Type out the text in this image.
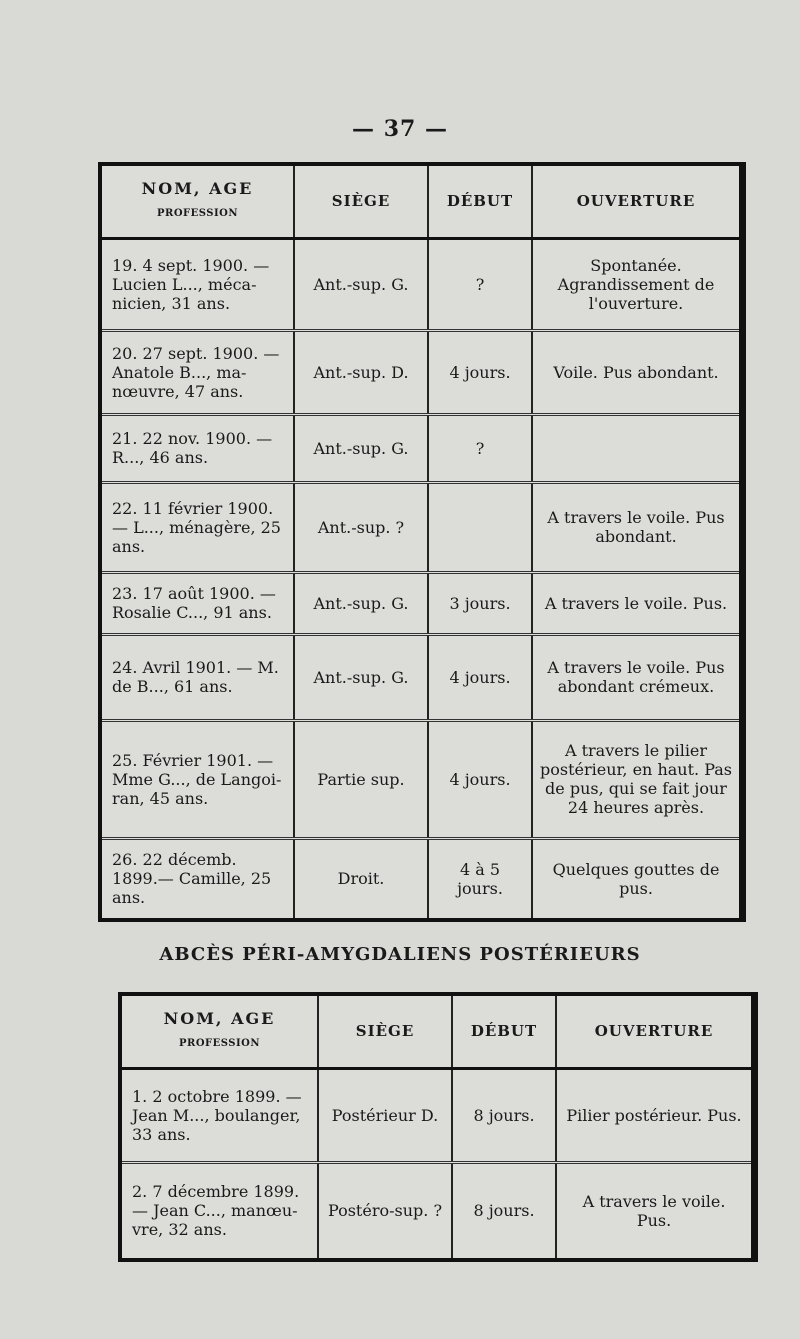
— 37 —
NOM, AGE
PROFESSION	SIÈGE	DÉBUT	OUVERTURE
19. 4 sept. 1900. — Lucien L..., mécanicien, 31 ans.	Ant.-sup. G.	?	Spontanée. Agrandissement de l'ouverture.
20. 27 sept. 1900. — Anatole B..., manœuvre, 47 ans.	Ant.-sup. D.	4 jours.	Voile. Pus abondant.
21. 22 nov. 1900. — R..., 46 ans.	Ant.-sup. G.	?	
22. 11 février 1900. — L..., ménagère, 25 ans.	Ant.-sup. ?		A travers le voile. Pus abondant.
23. 17 août 1900. — Rosalie C..., 91 ans.	Ant.-sup. G.	3 jours.	A travers le voile. Pus.
24. Avril 1901. — M. de B..., 61 ans.	Ant.-sup. G.	4 jours.	A travers le voile. Pus abondant crémeux.
25. Février 1901. — Mme G..., de Langoiran, 45 ans.	Partie sup.	4 jours.	A travers le pilier postérieur, en haut. Pas de pus, qui se fait jour 24 heures après.
26. 22 décemb. 1899.— Camille, 25 ans.	Droit.	4 à 5 jours.	Quelques gouttes de pus.
ABCÈS PÉRI-AMYGDALIENS POSTÉRIEURS
NOM, AGE
PROFESSION	SIÈGE	DÉBUT	OUVERTURE
1. 2 octobre 1899. — Jean M..., boulanger, 33 ans.	Postérieur D.	8 jours.	Pilier postérieur. Pus.
2. 7 décembre 1899.— Jean C..., manœuvre, 32 ans.	Postéro-sup. ?	8 jours.	A travers le voile. Pus.
